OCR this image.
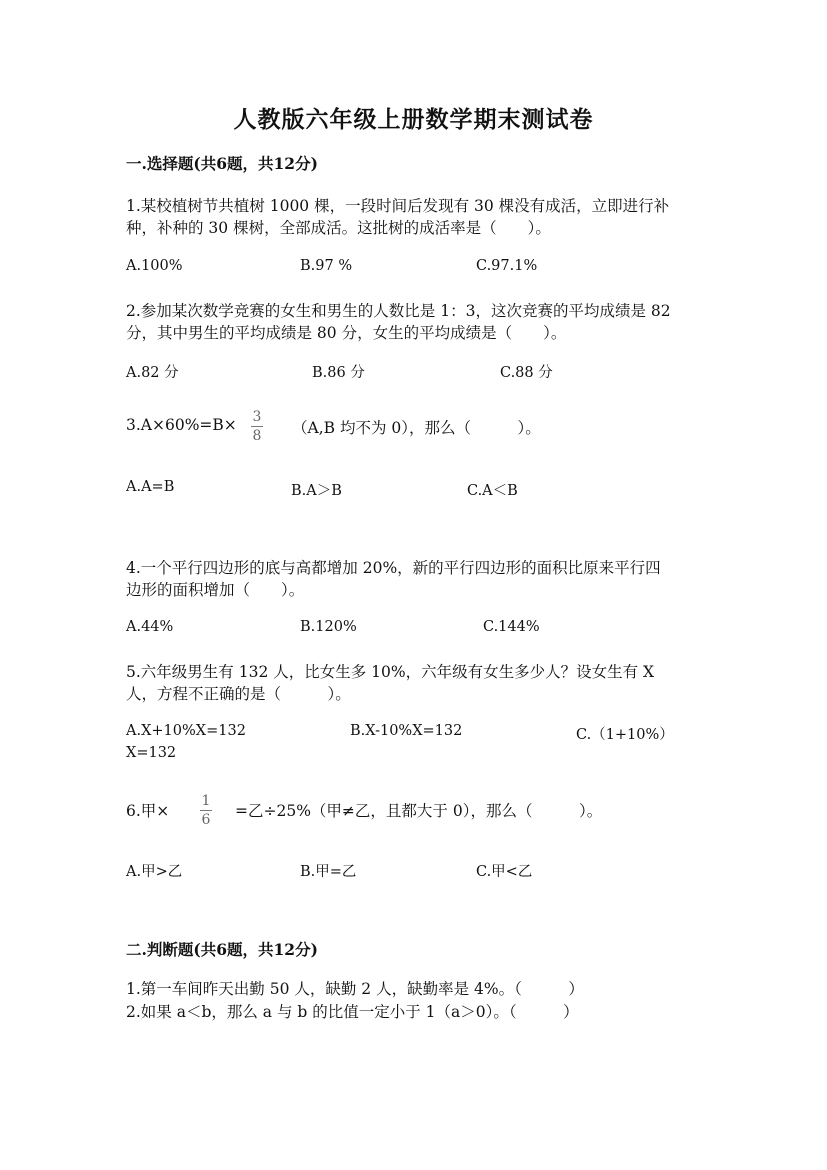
人教版六年级上册数学期末测试卷
一.选择题(共6题，共12分)
1.某校植树节共植树 1000 棵，一段时间后发现有 30 棵没有成活，立即进行补
种，补种的 30 棵树，全部成活。这批树的成活率是（　　）。
A.100%	B.97 %	C.97.1%
2.参加某次数学竞赛的女生和男生的人数比是 1：3，这次竞赛的平均成绩是 82
分，其中男生的平均成绩是 80 分，女生的平均成绩是（　　）。
A.82 分	B.86 分	C.88 分
3.A×60%=B× 3
8 （A,B 均不为 0），那么（　　　）。
A.A=B	B.A＞B	C.A＜B
4.一个平行四边形的底与高都增加 20%，新的平行四边形的面积比原来平行四
边形的面积增加（　　）。
A.44%	B.120%	C.144%
5.六年级男生有 132 人，比女生多 10%，六年级有女生多少人？设女生有 X
人，方程不正确的是（　　　）。
A.X+10%X=132	B.X-10%X=132	C.（1+10%）
X=132
6.甲×
1
6 =乙÷25%（甲≠乙，且都大于 0），那么（　　　）。
A.甲>乙	B.甲=乙	C.甲<乙
二.判断题(共6题，共12分)
1.第一车间昨天出勤 50 人，缺勤 2 人，缺勤率是 4%。（　　　）
2.如果 a＜b，那么 a 与 b 的比值一定小于 1（a＞0）。（　　　）
